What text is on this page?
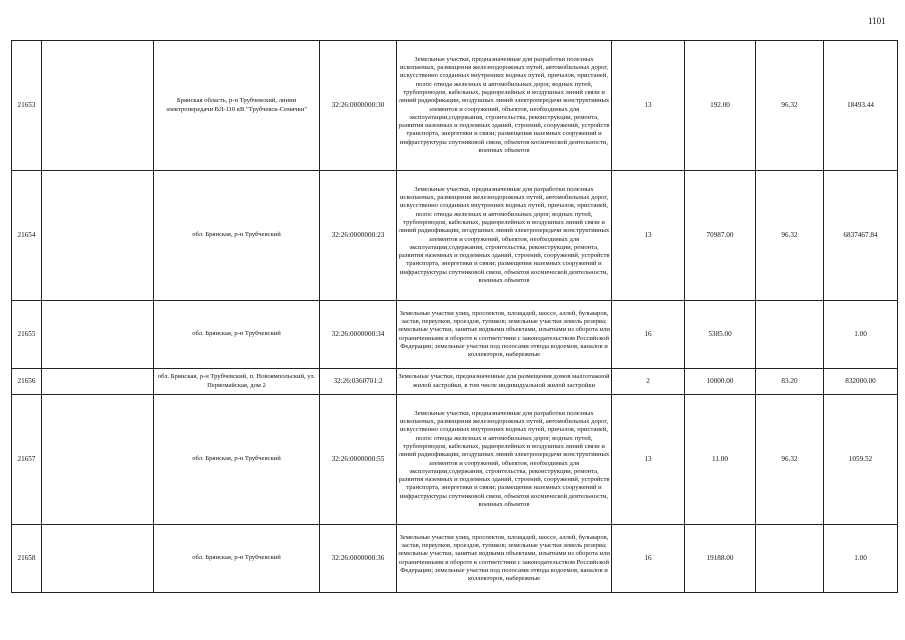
1101
21653		Брянская область, р-н Трубчевский, линии электропередачи ВЛ-110 кВ "Трубчевск-Семячки"	32:26:0000000:30	Земельные участки, предназначенные для разработки полезных ископаемых, размещения железнодорожных путей, автомобильных дорог, искусственно созданных внутренних водных путей, причалов, пристаней, полос отвода железных и автомобильных дорог, водных путей, трубопроводов, кабельных, радиорелейных и воздушных линий связи и линий радиофикации, воздушных линий электропередачи конструктивных элементов и сооружений, объектов, необходимых для эксплуатации,содержания, строительства, реконструкции, ремонта, развития наземных и подземных зданий, строений, сооружений, устройств транспорта, энергетики и связи; размещения наземных сооружений и инфраструктуры спутниковой связи, объектов космической деятельности, военных объектов	13	192.00	96.32	18493.44
21654		обл. Брянская, р-н Трубчевский	32:26:0000000:23	Земельные участки, предназначенные для разработки полезных ископаемых, размещения железнодорожных путей, автомобильных дорог, искусственно созданных внутренних водных путей, причалов, пристаней, полос отвода железных и автомобильных дорог, водных путей, трубопроводов, кабельных, радиорелейных и воздушных линий связи и линий радиофикации, воздушных линий электропередачи конструктивных элементов и сооружений, объектов, необходимых для эксплуатации,содержания, строительства, реконструкции, ремонта, развития наземных и подземных зданий, строений, сооружений, устройств транспорта, энергетики и связи; размещения наземных сооружений и инфраструктуры спутниковой связи, объектов космической деятельности, военных объектов	13	70987.00	96.32	6837467.84
21655		обл. Брянская, р-н Трубчевский	32:26:0000000:34	Земельные участки улиц, проспектов, площадей, шоссе, аллей, бульваров, застав, переулков, проездов, тупиков; земельные участки земель резерва; земельные участки, занятые водными объектами, изъятыми из оборота или ограниченными в обороте в соответствии с законодательством Российской Федерации; земельные участки под полосами отвода водоемов, каналов и коллекторов, набережные	16	5385.00		1.00
21656		обл. Брянская, р-н Трубчевский, п. Новоямпольский, ул. Первомайская, дом 2	32:26:0360701:2	Земельные участки, предназначенные для размещения домов малоэтажной жилой застройки, в том числе индивидуальной жилой застройки	2	10000.00	83.20	832000.00
21657		обл. Брянская, р-н Трубчевский	32:26:0000000:55	Земельные участки, предназначенные для разработки полезных ископаемых, размещения железнодорожных путей, автомобильных дорог, искусственно созданных внутренних водных путей, причалов, пристаней, полос отвода железных и автомобильных дорог, водных путей, трубопроводов, кабельных, радиорелейных и воздушных линий связи и линий радиофикации, воздушных линий электропередачи конструктивных элементов и сооружений, объектов, необходимых для эксплуатации,содержания, строительства, реконструкции, ремонта, развития наземных и подземных зданий, строений, сооружений, устройств транспорта, энергетики и связи; размещения наземных сооружений и инфраструктуры спутниковой связи, объектов космической деятельности, военных объектов	13	11.00	96.32	1059.52
21658		обл. Брянская, р-н Трубчевский	32:26:0000000:36	Земельные участки улиц, проспектов, площадей, шоссе, аллей, бульваров, застав, переулков, проездов, тупиков; земельные участки земель резерва; земельные участки, занятые водными объектами, изъятыми из оборота или ограниченными в обороте в соответствии с законодательством Российской Федерации; земельные участки под полосами отвода водоемов, каналов и коллекторов, набережные	16	19188.00		1.00
